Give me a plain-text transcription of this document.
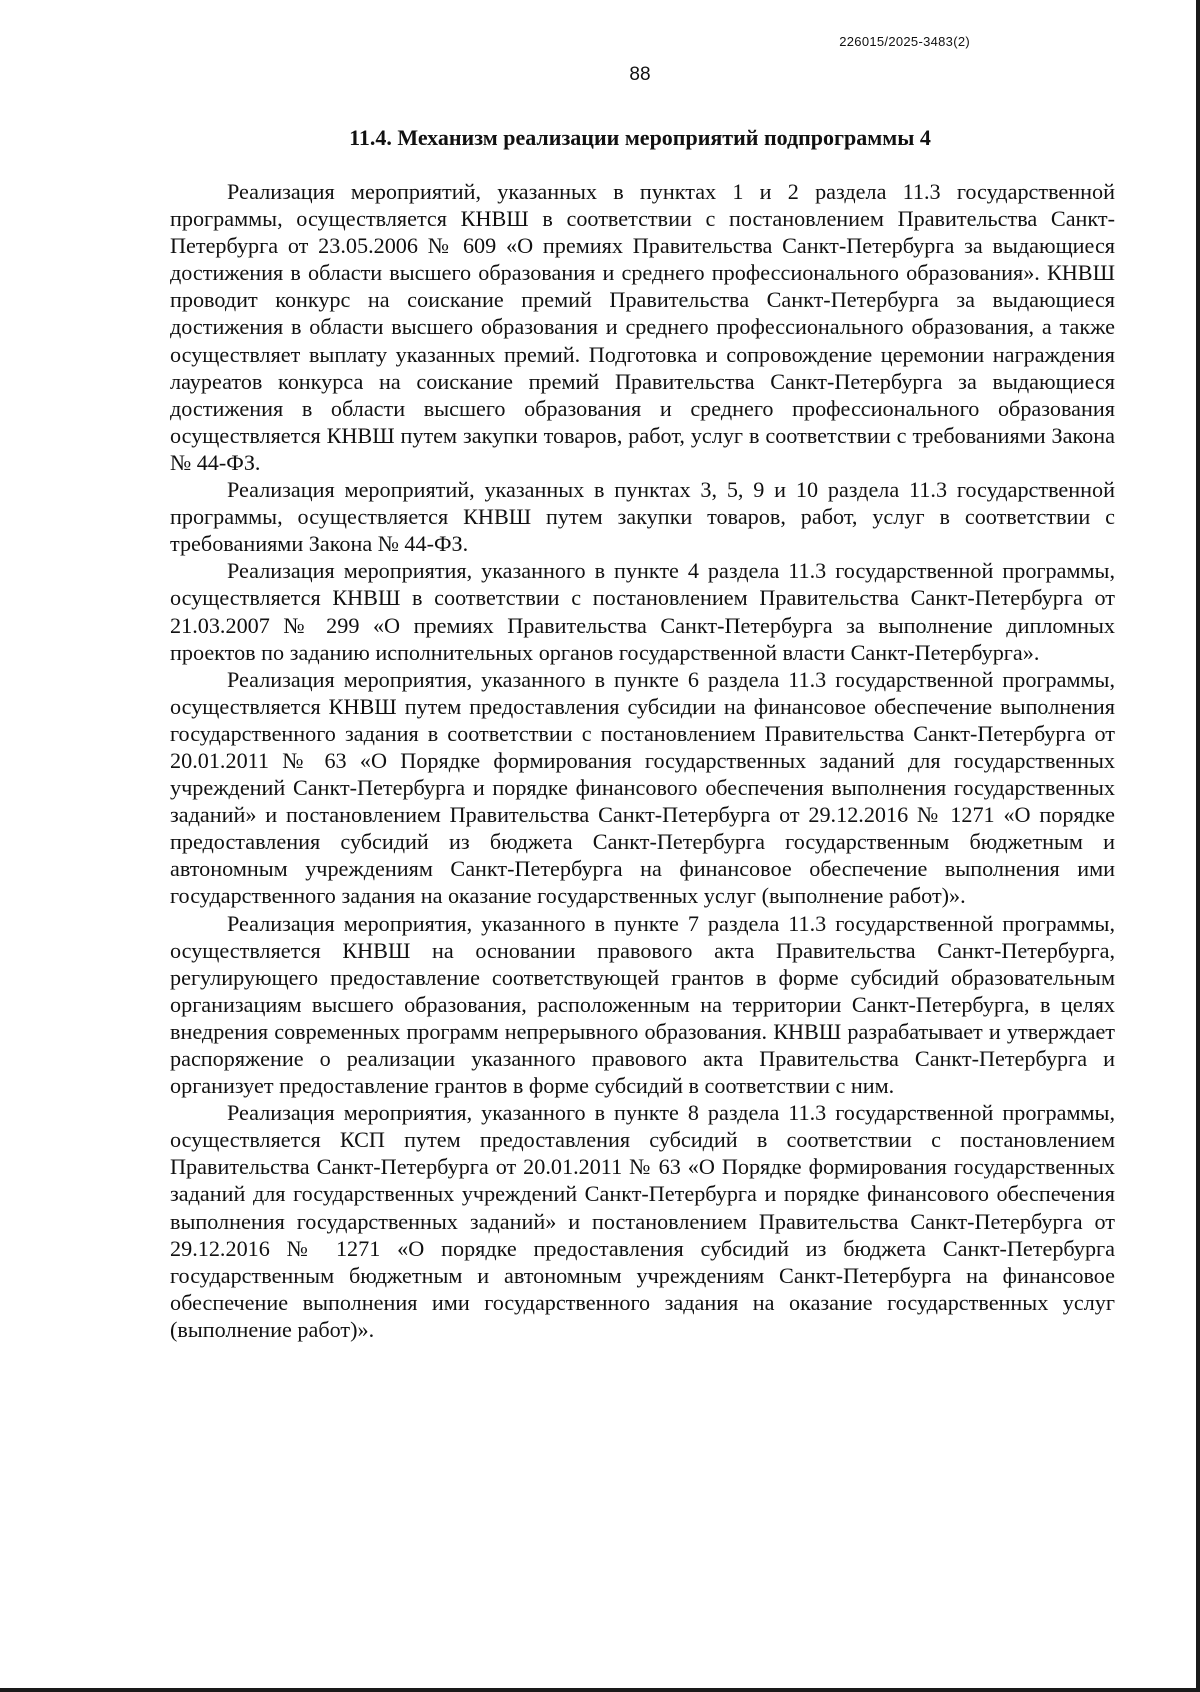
226015/2025-3483(2)
88
11.4. Механизм реализации мероприятий подпрограммы 4

Реализация мероприятий, указанных в пунктах 1 и 2 раздела 11.3 государственной программы, осуществляется КНВШ в соответствии с постановлением Правительства Санкт-Петербурга от 23.05.2006 № 609 «О премиях Правительства Санкт-Петербурга за выдающиеся достижения в области высшего образования и среднего профессионального образования». КНВШ проводит конкурс на соискание премий Правительства Санкт-Петербурга за выдающиеся достижения в области высшего образования и среднего профессионального образования, а также осуществляет выплату указанных премий. Подготовка и сопровождение церемонии награждения лауреатов конкурса на соискание премий Правительства Санкт-Петербурга за выдающиеся достижения в области высшего образования и среднего профессионального образования осуществляется КНВШ путем закупки товаров, работ, услуг в соответствии с требованиями Закона № 44-ФЗ.

Реализация мероприятий, указанных в пунктах 3, 5, 9 и 10 раздела 11.3 государственной программы, осуществляется КНВШ путем закупки товаров, работ, услуг в соответствии с требованиями Закона № 44-ФЗ.

Реализация мероприятия, указанного в пункте 4 раздела 11.3 государственной программы, осуществляется КНВШ в соответствии с постановлением Правительства Санкт-Петербурга от 21.03.2007 № 299 «О премиях Правительства Санкт-Петербурга за выполнение дипломных проектов по заданию исполнительных органов государственной власти Санкт-Петербурга».

Реализация мероприятия, указанного в пункте 6 раздела 11.3 государственной программы, осуществляется КНВШ путем предоставления субсидии на финансовое обеспечение выполнения государственного задания в соответствии с постановлением Правительства Санкт-Петербурга от 20.01.2011 № 63 «О Порядке формирования государственных заданий для государственных учреждений Санкт-Петербурга и порядке финансового обеспечения выполнения государственных заданий» и постановлением Правительства Санкт-Петербурга от 29.12.2016 № 1271 «О порядке предоставления субсидий из бюджета Санкт-Петербурга государственным бюджетным и автономным учреждениям Санкт-Петербурга на финансовое обеспечение выполнения ими государственного задания на оказание государственных услуг (выполнение работ)».

Реализация мероприятия, указанного в пункте 7 раздела 11.3 государственной программы, осуществляется КНВШ на основании правового акта Правительства Санкт-Петербурга, регулирующего предоставление соответствующей грантов в форме субсидий образовательным организациям высшего образования, расположенным на территории Санкт-Петербурга, в целях внедрения современных программ непрерывного образования. КНВШ разрабатывает и утверждает распоряжение о реализации указанного правового акта Правительства Санкт-Петербурга и организует предоставление грантов в форме субсидий в соответствии с ним.

Реализация мероприятия, указанного в пункте 8 раздела 11.3 государственной программы, осуществляется КСП путем предоставления субсидий в соответствии с постановлением Правительства Санкт-Петербурга от 20.01.2011 № 63 «О Порядке формирования государственных заданий для государственных учреждений Санкт-Петербурга и порядке финансового обеспечения выполнения государственных заданий» и постановлением Правительства Санкт-Петербурга от 29.12.2016 № 1271 «О порядке предоставления субсидий из бюджета Санкт-Петербурга государственным бюджетным и автономным учреждениям Санкт-Петербурга на финансовое обеспечение выполнения ими государственного задания на оказание государственных услуг (выполнение работ)».
